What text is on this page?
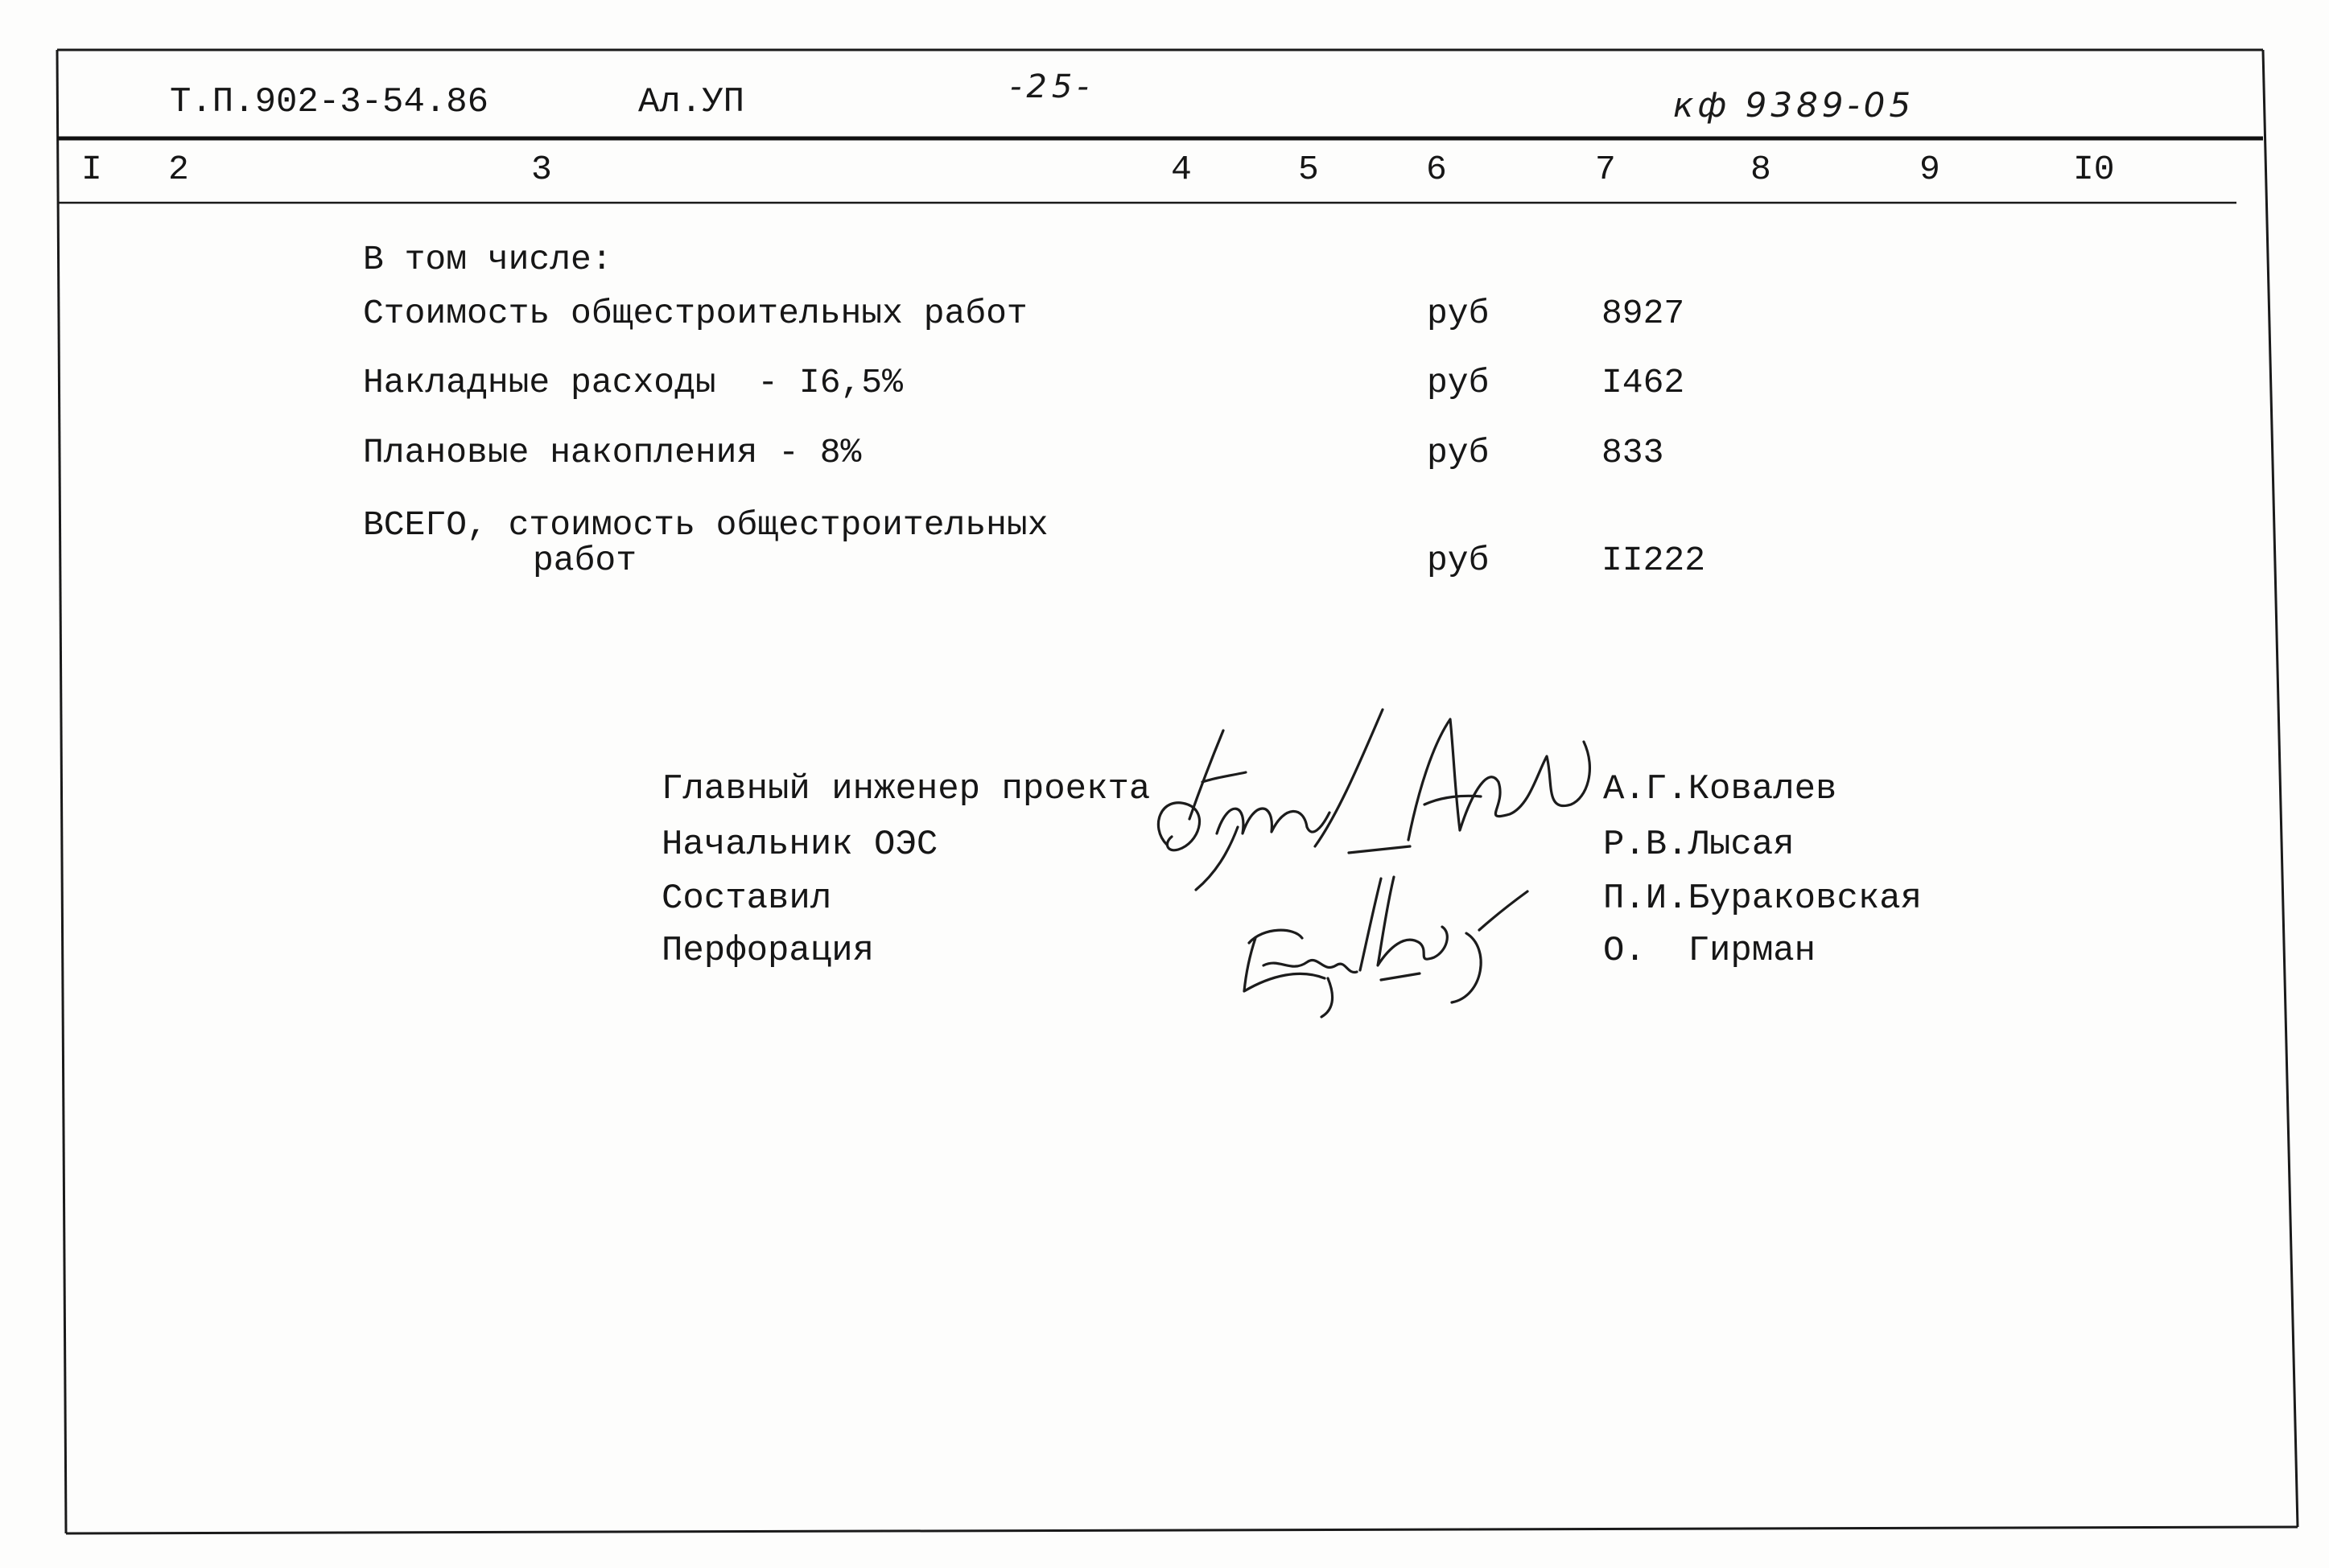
Т.П.902-3-54.86	Ал.УП	-25-	кф 9389-05
I 2	3	4	5	6	7	8	9	I0
В том числе:
Стоимость общестроительных работ	руб	8927
Накладные расходы  - I6,5%	руб	I462
Плановые накопления - 8%	руб	833
ВСЕГО, стоимость общестроительных
работ	руб	II222
Главный инженер проекта	А.Г.Ковалев
Начальник ОЭС	Р.В.Лысая
Составил	П.И.Бураковская
Перфорация	О.  Гирман
